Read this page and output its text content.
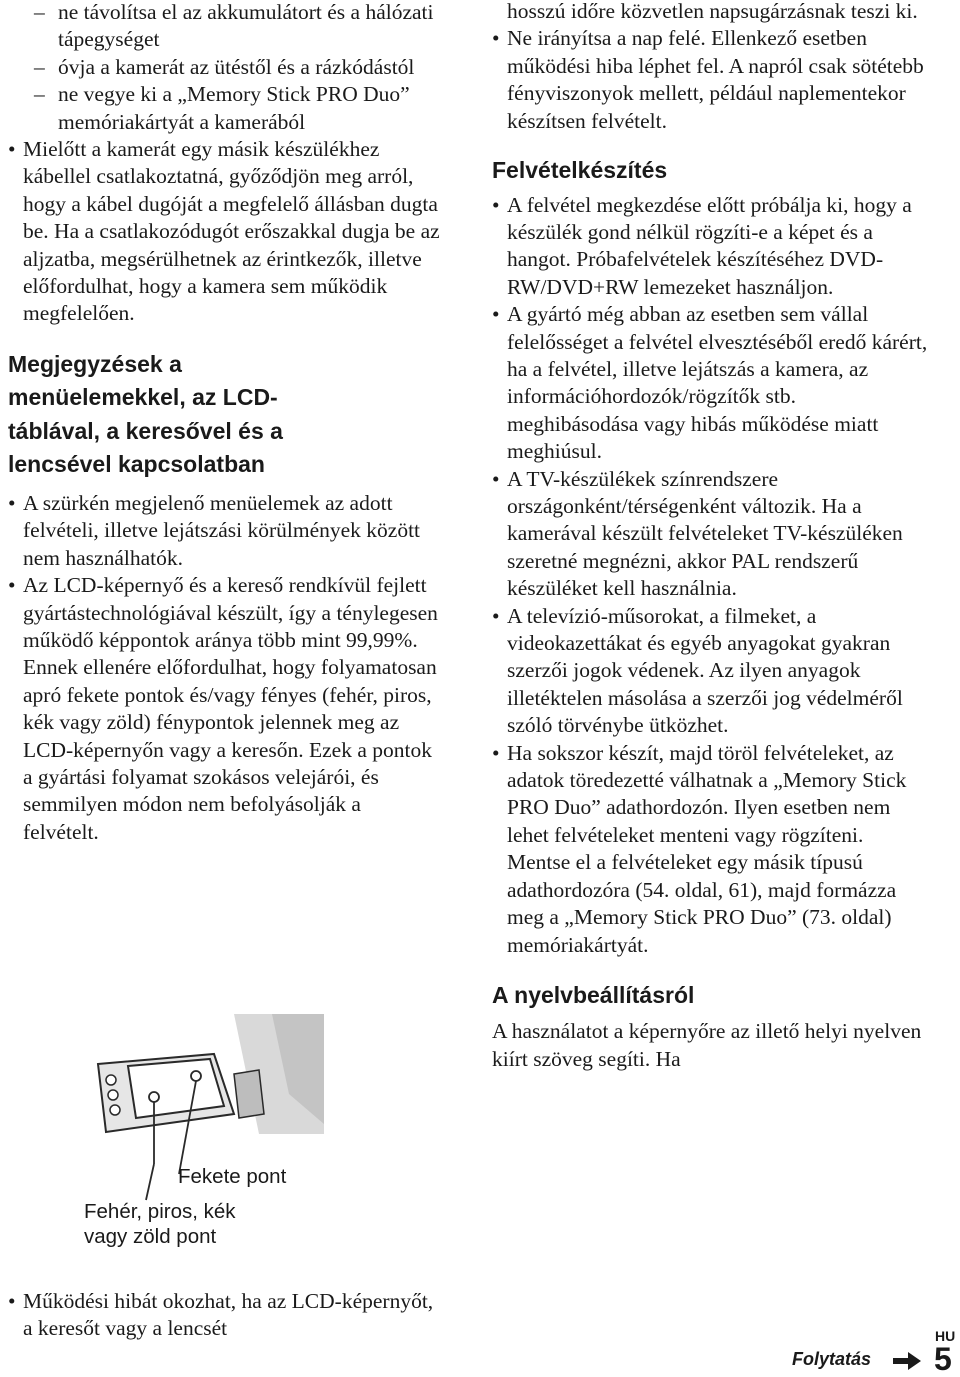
– ne távolítsa el az akkumulátort és a hálózati tápegységet
– óvja a kamerát az ütéstől és a rázkódástól
– ne vegye ki a „Memory Stick PRO Duo” memóriakártyát a kamerából
• Mielőtt a kamerát egy másik készülékhez kábellel csatlakoztatná, győződjön meg arról, hogy a kábel dugóját a megfelelő állásban dugta be. Ha a csatlakozódugót erőszakkal dugja be az aljzatba, megsérülhetnek az érintkezők, illetve előfordulhat, hogy a kamera sem működik megfelelően.
Megjegyzések a menüelemekkel, az LCD-táblával, a keresővel és a lencsével kapcsolatban
• A szürkén megjelenő menüelemek az adott felvételi, illetve lejátszási körülmények között nem használhatók.
• Az LCD-képernyő és a kereső rendkívül fejlett gyártástechnológiával készült, így a ténylegesen működő képpontok aránya több mint 99,99%. Ennek ellenére előfordulhat, hogy folyamatosan apró fekete pontok és/vagy fényes (fehér, piros, kék vagy zöld) fénypontok jelennek meg az LCD-képernyőn vagy a keresőn. Ezek a pontok a gyártási folyamat szokásos velejárói, és semmilyen módon nem befolyásolják a felvételt.
Fekete pont
Fehér, piros, kék
vagy zöld pont
• Működési hibát okozhat, ha az LCD-képernyőt, a keresőt vagy a lencsét
hosszú időre közvetlen napsugárzásnak teszi ki.
• Ne irányítsa a nap felé. Ellenkező esetben működési hiba léphet fel. A napról csak sötétebb fényviszonyok mellett, például naplementekor készítsen felvételt.
Felvételkészítés
• A felvétel megkezdése előtt próbálja ki, hogy a készülék gond nélkül rögzíti-e a képet és a hangot. Próbafelvételek készítéséhez DVD-RW/DVD+RW lemezeket használjon.
• A gyártó még abban az esetben sem vállal felelősséget a felvétel elvesztéséből eredő kárért, ha a felvétel, illetve lejátszás a kamera, az információhordozók/rögzítők stb. meghibásodása vagy hibás működése miatt meghiúsul.
• A TV-készülékek színrendszere országonként/térségenként változik. Ha a kamerával készült felvételeket TV-készüléken szeretné megnézni, akkor PAL rendszerű készüléket kell használnia.
• A televízió-műsorokat, a filmeket, a videokazettákat és egyéb anyagokat gyakran szerzői jogok védenek. Az ilyen anyagok illetéktelen másolása a szerzői jog védelméről szóló törvénybe ütközhet.
• Ha sokszor készít, majd töröl felvételeket, az adatok töredezetté válhatnak a „Memory Stick PRO Duo” adathordozón. Ilyen esetben nem lehet felvételeket menteni vagy rögzíteni. Mentse el a felvételeket egy másik típusú adathordozóra (54. oldal, 61), majd formázza meg a „Memory Stick PRO Duo” (73. oldal) memóriakártyát.
A nyelvbeállításról
A használatot a képernyőre az illető helyi nyelven kiírt szöveg segíti. Ha
Folytatás
HU
5
